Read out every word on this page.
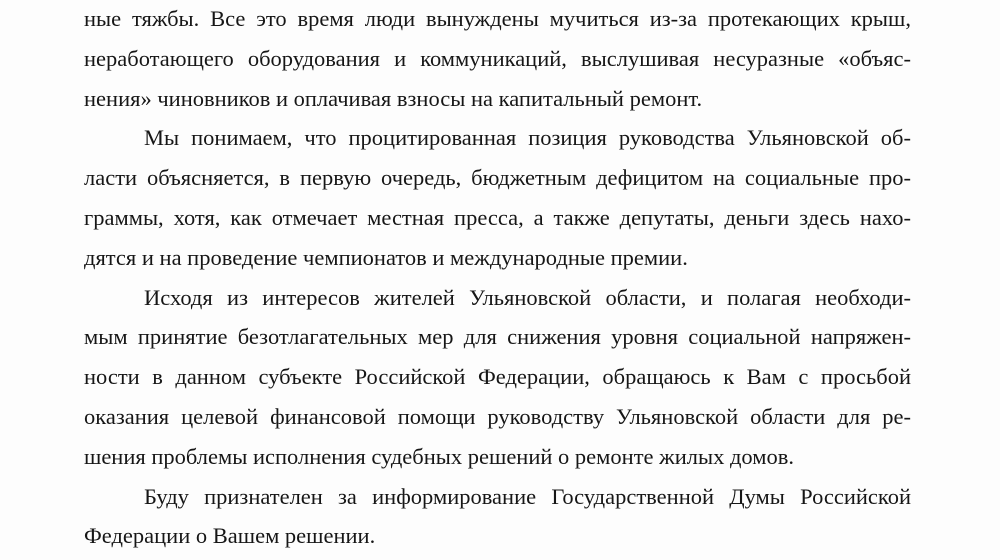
ные тяжбы. Все это время люди вынуждены мучиться из-за протекающих крыш,
неработающего оборудования и коммуникаций, выслушивая несуразные «объяс-
нения» чиновников и оплачивая взносы на капитальный ремонт.
Мы понимаем, что процитированная позиция руководства Ульяновской об-
ласти объясняется, в первую очередь, бюджетным дефицитом на социальные про-
граммы, хотя, как отмечает местная пресса, а также депутаты, деньги здесь нахо-
дятся и на проведение чемпионатов и международные премии.
Исходя из интересов жителей Ульяновской области, и полагая необходи-
мым принятие безотлагательных мер для снижения уровня социальной напряжен-
ности в данном субъекте Российской Федерации, обращаюсь к Вам с просьбой
оказания целевой финансовой помощи руководству Ульяновской области для ре-
шения проблемы исполнения судебных решений о ремонте жилых домов.
Буду признателен за информирование Государственной Думы Российской
Федерации о Вашем решении.
